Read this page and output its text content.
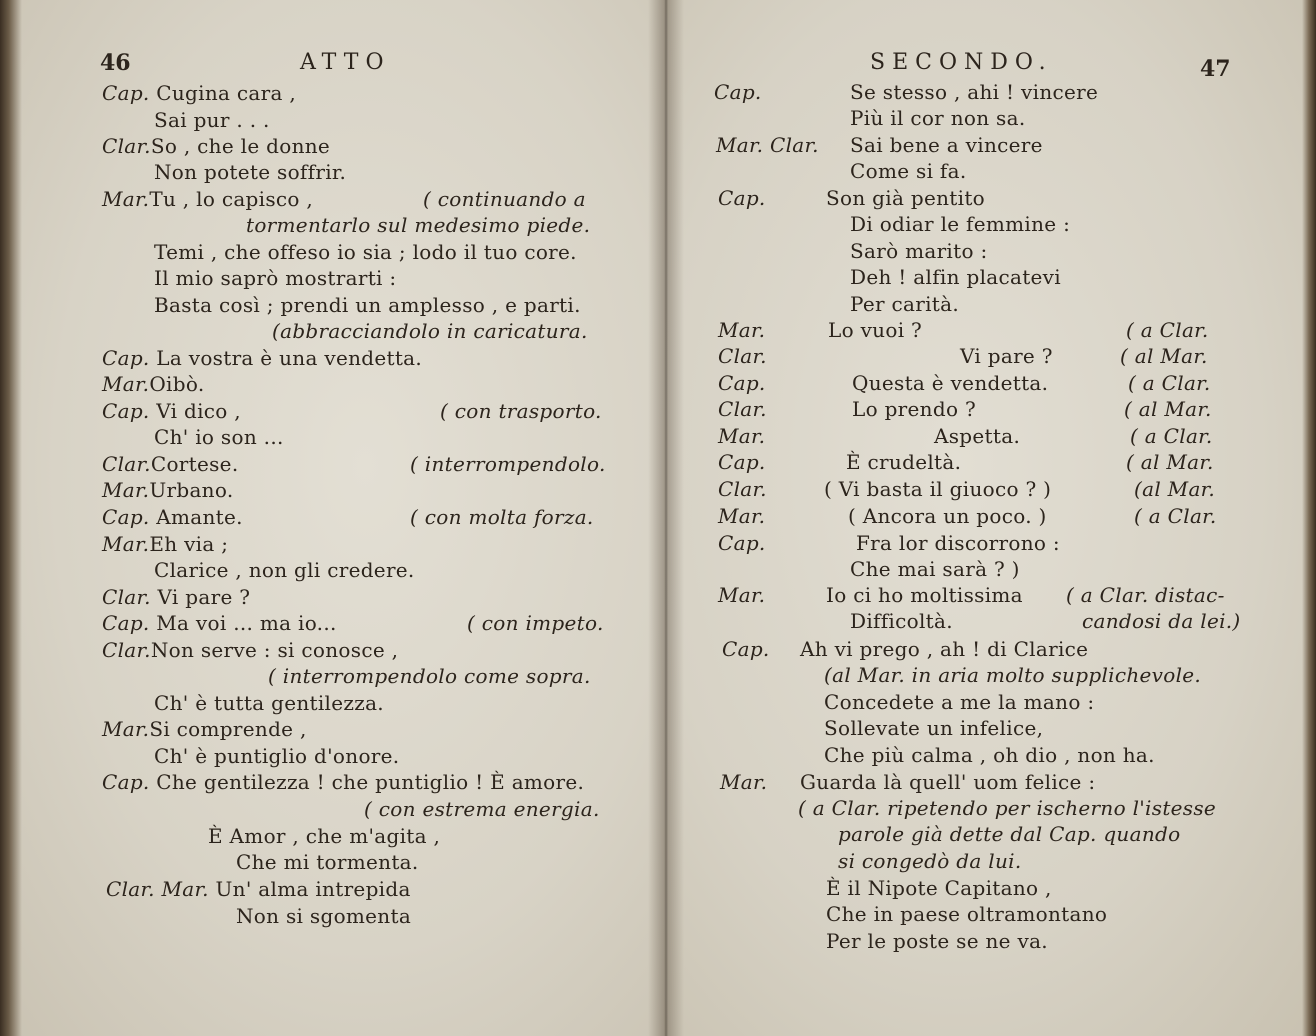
46	ATTO
Cap. Cugina cara ,
Sai pur . . .
Clar.So , che le donne
Non potete soffrir.
Mar.Tu , lo capisco ,	( continuando a
tormentarlo sul medesimo piede.
Temi , che offeso io sia ; lodo il tuo core.
Il mio saprò mostrarti :
Basta così ; prendi un amplesso , e parti.
(abbracciandolo in caricatura.
Cap. La vostra è una vendetta.
Mar.Oibò.
Cap. Vi dico ,	( con trasporto.
Ch' io son ...
Clar.Cortese.	( interrompendolo.
Mar.Urbano.
Cap. Amante.	( con molta forza.
Mar.Eh via ;
Clarice , non gli credere.
Clar. Vi pare ?
Cap. Ma voi ... ma io...	( con impeto.
Clar.Non serve : si conosce ,
( interrompendolo come sopra.
Ch' è tutta gentilezza.
Mar.Si comprende ,
Ch' è puntiglio d'onore.
Cap. Che gentilezza ! che puntiglio ! È amore.
( con estrema energia.
È Amor , che m'agita ,
Che mi tormenta.
Clar. Mar. Un' alma intrepida
Non si sgomenta
SECONDO.	47
Cap.	Se stesso , ahi ! vincere
Più il cor non sa.
Mar. Clar. Sai bene a vincere
Come si fa.
Cap.	Son già pentito
Di odiar le femmine :
Sarò marito :
Deh ! alfin placatevi
Per carità.
Mar.	Lo vuoi ?	( a Clar.
Clar.	Vi pare ?	( al Mar.
Cap.	Questa è vendetta.	( a Clar.
Clar.	Lo prendo ?	( al Mar.
Mar.	Aspetta.	( a Clar.
Cap.	È crudeltà.	( al Mar.
Clar.	( Vi basta il giuoco ? )	(al Mar.
Mar.	( Ancora un poco. )	( a Clar.
Cap.	Fra lor discorrono :
Che mai sarà ? )
Mar.	Io ci ho moltissima ( a Clar. distac-
Difficoltà.	candosi da lei.)
Cap. Ah vi prego , ah ! di Clarice
(al Mar. in aria molto supplichevole.
Concedete a me la mano :
Sollevate un infelice,
Che più calma , oh dio , non ha.
Mar. Guarda là quell' uom felice :
( a Clar. ripetendo per ischerno l'istesse
parole già dette dal Cap. quando
si congedò da lui.
È il Nipote Capitano ,
Che in paese oltramontano
Per le poste se ne va.
